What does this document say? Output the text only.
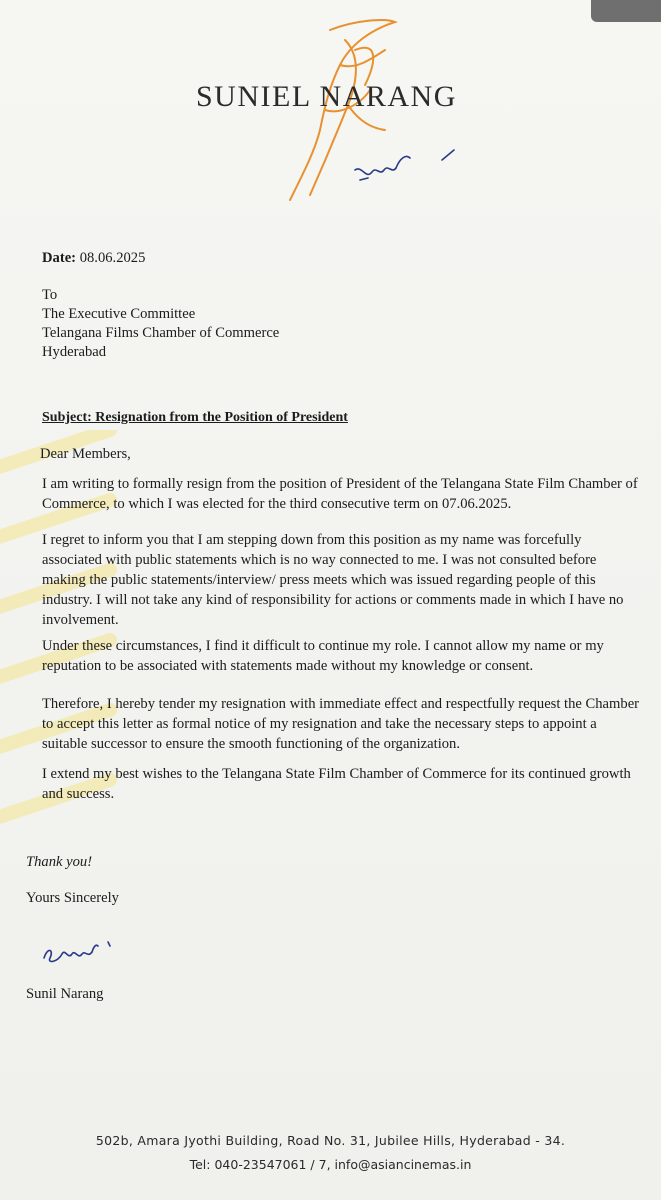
SUNIEL NARANG
Date: 08.06.2025
To
The Executive Committee
Telangana Films Chamber of Commerce
Hyderabad
Subject: Resignation from the Position of President
Dear Members,
I am writing to formally resign from the position of President of the Telangana State Film Chamber of Commerce, to which I was elected for the third consecutive term on 07.06.2025.
I regret to inform you that I am stepping down from this position as my name was forcefully associated with public statements which is no way connected to me. I was not consulted before making the public statements/interview/ press meets which was issued regarding people of this industry. I will not take any kind of responsibility for actions or comments made in which I have no involvement.
Under these circumstances, I find it difficult to continue my role. I cannot allow my name or my reputation to be associated with statements made without my knowledge or consent.
Therefore, I hereby tender my resignation with immediate effect and respectfully request the Chamber to accept this letter as formal notice of my resignation and take the necessary steps to appoint a suitable successor to ensure the smooth functioning of the organization.
I extend my best wishes to the Telangana State Film Chamber of Commerce for its continued growth and success.
Thank you!
Yours Sincerely
Sunil Narang
502b, Amara Jyothi Building, Road No. 31, Jubilee Hills, Hyderabad - 34.
Tel: 040-23547061 / 7, info@asiancinemas.in
